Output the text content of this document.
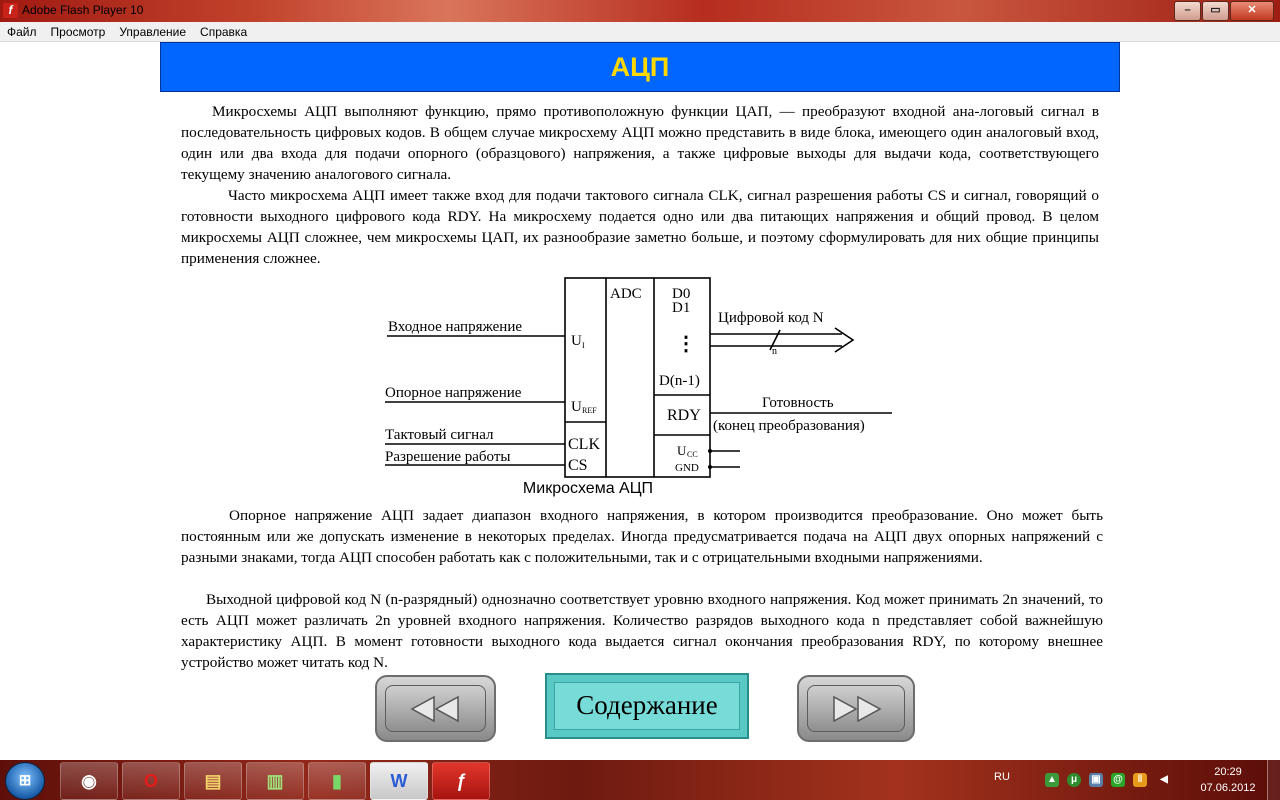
f Adobe Flash Player 10	–	▭	✕
Файл Просмотр Управление Справка
АЦП
Микросхемы АЦП выполняют функцию, прямо противоположную функции ЦАП, — преобразуют входной ана-логовый сигнал в последовательность цифровых кодов. В общем случае микросхему АЦП можно представить в виде блока, имеющего один аналоговый вход, один или два входа для подачи опорного (образцового) напряжения, а также цифровые выходы для выдачи кода, соответствующего текущему значению аналогового сигнала.
Часто микросхема АЦП имеет также вход для подачи тактового сигнала CLK, сигнал разрешения работы CS и сигнал, говорящий о готовности выходного цифрового кода RDY. На микросхему подается одно или два питающих напряжения и общий провод. В целом микросхемы АЦП сложнее, чем микросхемы ЦАП, их разнообразие заметно больше, и поэтому сформулировать для них общие принципы применения сложнее.
Входное напряжение
Опорное напряжение
Тактовый сигнал
Разрешение работы
ADC
U I
U REF
CLK
CS
D0
D1
⋮
D(n-1)
RDY
U CC
GND
Цифровой код N
n
Готовность
(конец преобразования)
Микросхема АЦП
Опорное напряжение АЦП задает диапазон входного напряжения, в котором производится преобразование. Оно может быть постоянным или же допускать изменение в некоторых пределах. Иногда предусматривается подача на АЦП двух опорных напряжений с разными знаками, тогда АЦП способен работать как с положительными, так и с отрицательными входными напряжениями.
Выходной цифровой код N (n-разрядный) однозначно соответствует уровню входного напряжения. Код может принимать 2n значений, то есть АЦП может различать 2n уровней входного напряжения. Количество разрядов выходного кода n представляет собой важнейшую характеристику АЦП. В момент готовности выходного кода выдается сигнал окончания преобразования RDY, по которому внешнее устройство может читать код N.
Содержание
⊞	◉	O	▤	▥	▮	W	ƒ	RU	▲	μ	▣ @	‖	◀
20:29
07.06.2012
